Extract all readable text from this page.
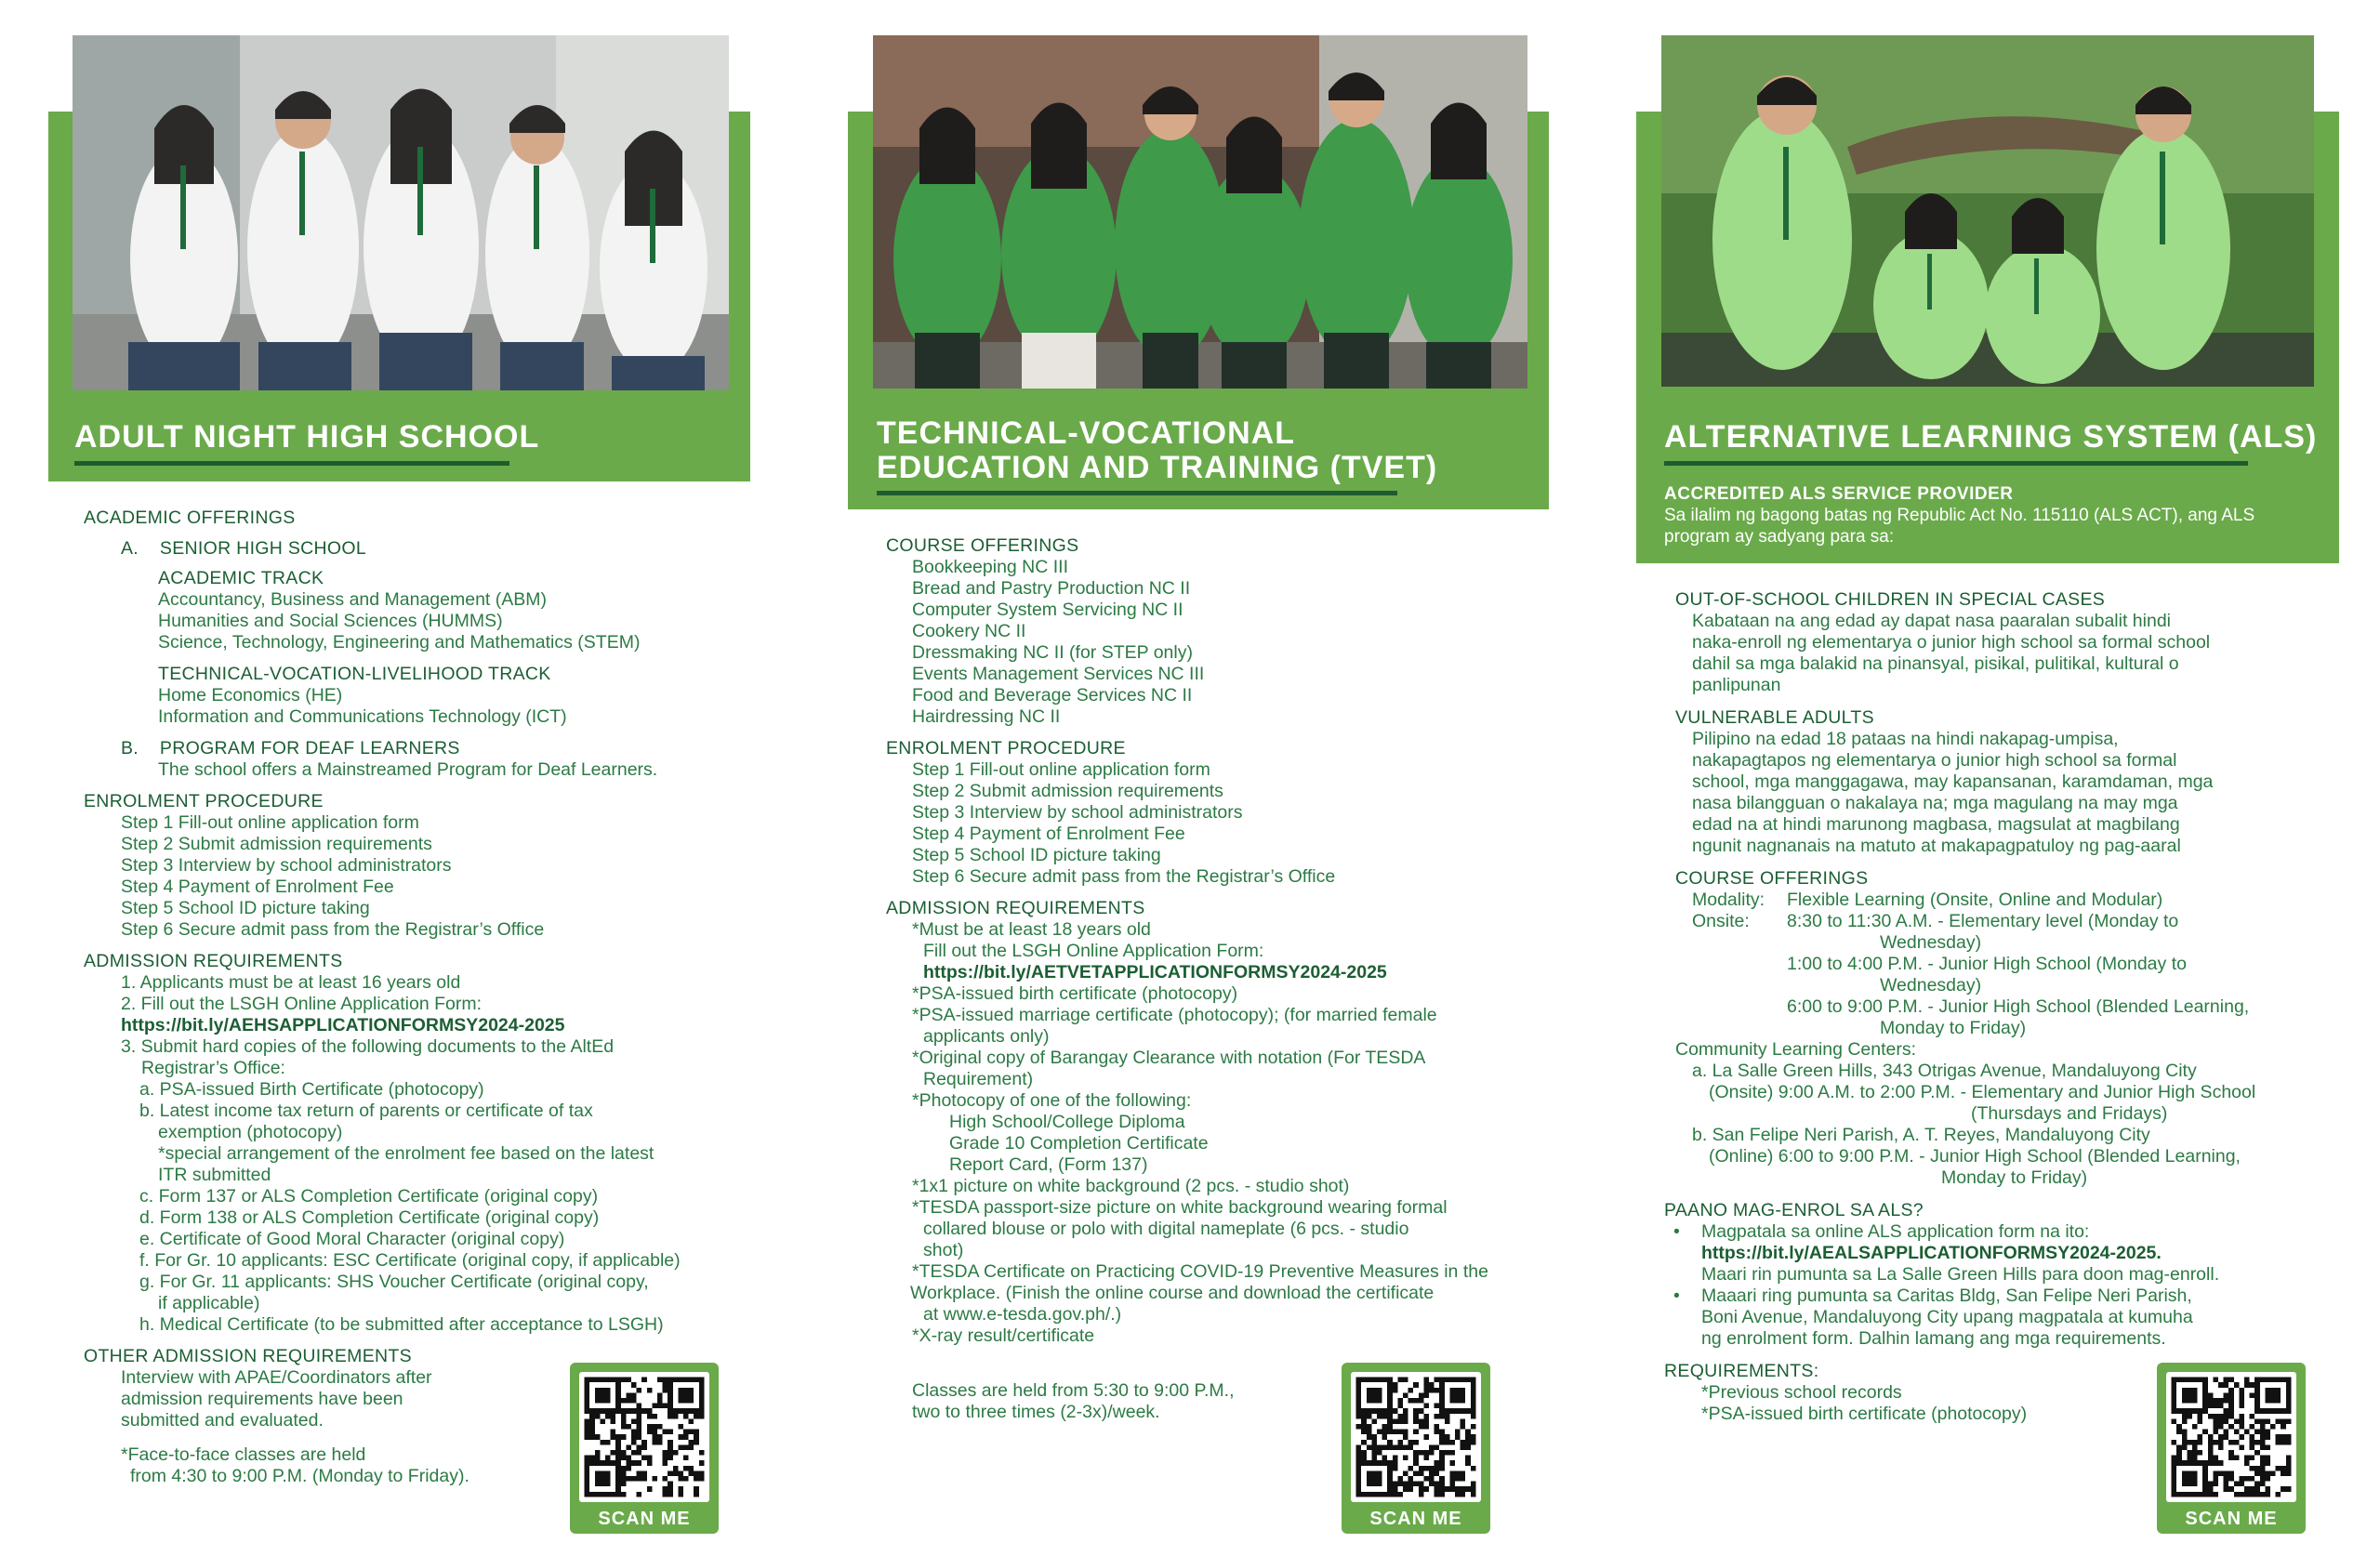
ADULT NIGHT HIGH SCHOOL

ACADEMIC OFFERINGS

A. SENIOR HIGH SCHOOL

ACADEMIC TRACK

Accountancy, Business and Management (ABM)

Humanities and Social Sciences (HUMMS)

Science, Technology, Engineering and Mathematics (STEM)

TECHNICAL-VOCATION-LIVELIHOOD TRACK

Home Economics (HE)

Information and Communications Technology (ICT)

B. PROGRAM FOR DEAF LEARNERS

The school offers a Mainstreamed Program for Deaf Learners.

ENROLMENT PROCEDURE

Step 1 Fill-out online application form

Step 2 Submit admission requirements

Step 3 Interview by school administrators

Step 4 Payment of Enrolment Fee

Step 5 School ID picture taking

Step 6 Secure admit pass from the Registrar’s Office

ADMISSION REQUIREMENTS

1. Applicants must be at least 16 years old

2. Fill out the LSGH Online Application Form:

https://bit.ly/AEHSAPPLICATIONFORMSY2024-2025

3. Submit hard copies of the following documents to the AltEd

Registrar’s Office:

a. PSA-issued Birth Certificate (photocopy)

b. Latest income tax return of parents or certificate of tax

exemption (photocopy)

*special arrangement of the enrolment fee based on the latest

ITR submitted

c. Form 137 or ALS Completion Certificate (original copy)

d. Form 138 or ALS Completion Certificate (original copy)

e. Certificate of Good Moral Character (original copy)

f. For Gr. 10 applicants: ESC Certificate (original copy, if applicable)

g. For Gr. 11 applicants: SHS Voucher Certificate (original copy,

if applicable)

h. Medical Certificate (to be submitted after acceptance to LSGH)

OTHER ADMISSION REQUIREMENTS

Interview with APAE/Coordinators after

admission requirements have been

submitted and evaluated.

*Face-to-face classes are held

from 4:30 to 9:00 P.M. (Monday to Friday).

SCAN ME
TECHNICAL-VOCATIONAL
EDUCATION AND TRAINING (TVET)

COURSE OFFERINGS

Bookkeeping NC III

Bread and Pastry Production NC II

Computer System Servicing NC II

Cookery NC II

Dressmaking NC II (for STEP only)

Events Management Services NC III

Food and Beverage Services NC II

Hairdressing NC II

ENROLMENT PROCEDURE

Step 1 Fill-out online application form

Step 2 Submit admission requirements

Step 3 Interview by school administrators

Step 4 Payment of Enrolment Fee

Step 5 School ID picture taking

Step 6 Secure admit pass from the Registrar’s Office

ADMISSION REQUIREMENTS

*Must be at least 18 years old

Fill out the LSGH Online Application Form:

https://bit.ly/AETVETAPPLICATIONFORMSY2024-2025

*PSA-issued birth certificate (photocopy)

*PSA-issued marriage certificate (photocopy); (for married female

applicants only)

*Original copy of Barangay Clearance with notation (For TESDA

Requirement)

*Photocopy of one of the following:

High School/College Diploma

Grade 10 Completion Certificate

Report Card, (Form 137)

*1x1 picture on white background (2 pcs. - studio shot)

*TESDA passport-size picture on white background wearing formal

collared blouse or polo with digital nameplate (6 pcs. - studio

shot)

*TESDA Certificate on Practicing COVID-19 Preventive Measures in the

Workplace. (Finish the online course and download the certificate

at www.e-tesda.gov.ph/.)

*X-ray result/certificate

Classes are held from 5:30 to 9:00 P.M.,

two to three times (2-3x)/week.

SCAN ME
ALTERNATIVE LEARNING SYSTEM (ALS)

ACCREDITED ALS SERVICE PROVIDER

Sa ilalim ng bagong batas ng Republic Act No. 115110 (ALS ACT), ang ALS

program ay sadyang para sa:

OUT-OF-SCHOOL CHILDREN IN SPECIAL CASES

Kabataan na ang edad ay dapat nasa paaralan subalit hindi

naka-enroll ng elementarya o junior high school sa formal school

dahil sa mga balakid na pinansyal, pisikal, pulitikal, kultural o

panlipunan

VULNERABLE ADULTS

Pilipino na edad 18 pataas na hindi nakapag-umpisa,

nakapagtapos ng elementarya o junior high school sa formal

school, mga manggagawa, may kapansanan, karamdaman, mga

nasa bilangguan o nakalaya na; mga magulang na may mga

edad na at hindi marunong magbasa, magsulat at magbilang

ngunit nagnanais na matuto at makapagpatuloy ng pag-aaral

COURSE OFFERINGS

Modality: Flexible Learning (Onsite, Online and Modular)

Onsite: 8:30 to 11:30 A.M. - Elementary level (Monday to

Wednesday)

1:00 to 4:00 P.M. - Junior High School (Monday to

Wednesday)

6:00 to 9:00 P.M. - Junior High School (Blended Learning,

Monday to Friday)

Community Learning Centers:

a. La Salle Green Hills, 343 Otrigas Avenue, Mandaluyong City

(Onsite) 9:00 A.M. to 2:00 P.M. - Elementary and Junior High School

(Thursdays and Fridays)

b. San Felipe Neri Parish, A. T. Reyes, Mandaluyong City

(Online) 6:00 to 9:00 P.M. - Junior High School (Blended Learning,

Monday to Friday)

PAANO MAG-ENROL SA ALS?

• Magpatala sa online ALS application form na ito:

https://bit.ly/AEALSAPPLICATIONFORMSY2024-2025.

Maari rin pumunta sa La Salle Green Hills para doon mag-enroll.

• Maaari ring pumunta sa Caritas Bldg, San Felipe Neri Parish,

Boni Avenue, Mandaluyong City upang magpatala at kumuha

ng enrolment form. Dalhin lamang ang mga requirements.

REQUIREMENTS:

*Previous school records

*PSA-issued birth certificate (photocopy)

SCAN ME
